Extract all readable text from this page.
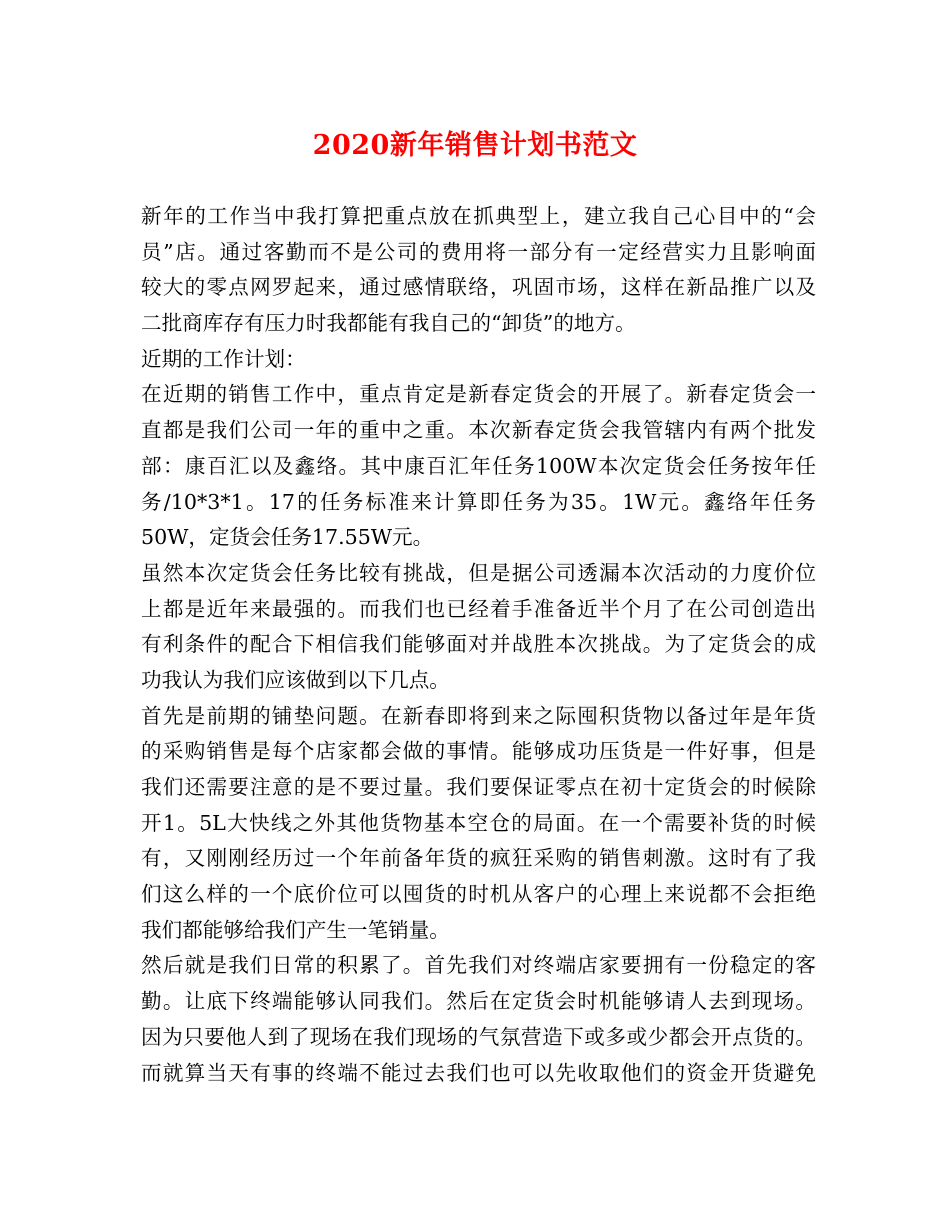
2020新年销售计划书范文
新年的工作当中我打算把重点放在抓典型上，建立我自己心目中的“会
员”店。通过客勤而不是公司的费用将一部分有一定经营实力且影响面
较大的零点网罗起来，通过感情联络，巩固市场，这样在新品推广以及
二批商库存有压力时我都能有我自己的“卸货”的地方。
近期的工作计划：
在近期的销售工作中，重点肯定是新春定货会的开展了。新春定货会一
直都是我们公司一年的重中之重。本次新春定货会我管辖内有两个批发
部：康百汇以及鑫络。其中康百汇年任务100W本次定货会任务按年任
务/10*3*1。17的任务标准来计算即任务为35。1W元。鑫络年任务
50W，定货会任务17.55W元。
虽然本次定货会任务比较有挑战，但是据公司透漏本次活动的力度价位
上都是近年来最强的。而我们也已经着手准备近半个月了在公司创造出
有利条件的配合下相信我们能够面对并战胜本次挑战。为了定货会的成
功我认为我们应该做到以下几点。
首先是前期的铺垫问题。在新春即将到来之际囤积货物以备过年是年货
的采购销售是每个店家都会做的事情。能够成功压货是一件好事，但是
我们还需要注意的是不要过量。我们要保证零点在初十定货会的时候除
开1。5L大快线之外其他货物基本空仓的局面。在一个需要补货的时候
有，又刚刚经历过一个年前备年货的疯狂采购的销售刺激。这时有了我
们这么样的一个底价位可以囤货的时机从客户的心理上来说都不会拒绝
我们都能够给我们产生一笔销量。
然后就是我们日常的积累了。首先我们对终端店家要拥有一份稳定的客
勤。让底下终端能够认同我们。然后在定货会时机能够请人去到现场。
因为只要他人到了现场在我们现场的气氛营造下或多或少都会开点货的。
而就算当天有事的终端不能过去我们也可以先收取他们的资金开货避免
